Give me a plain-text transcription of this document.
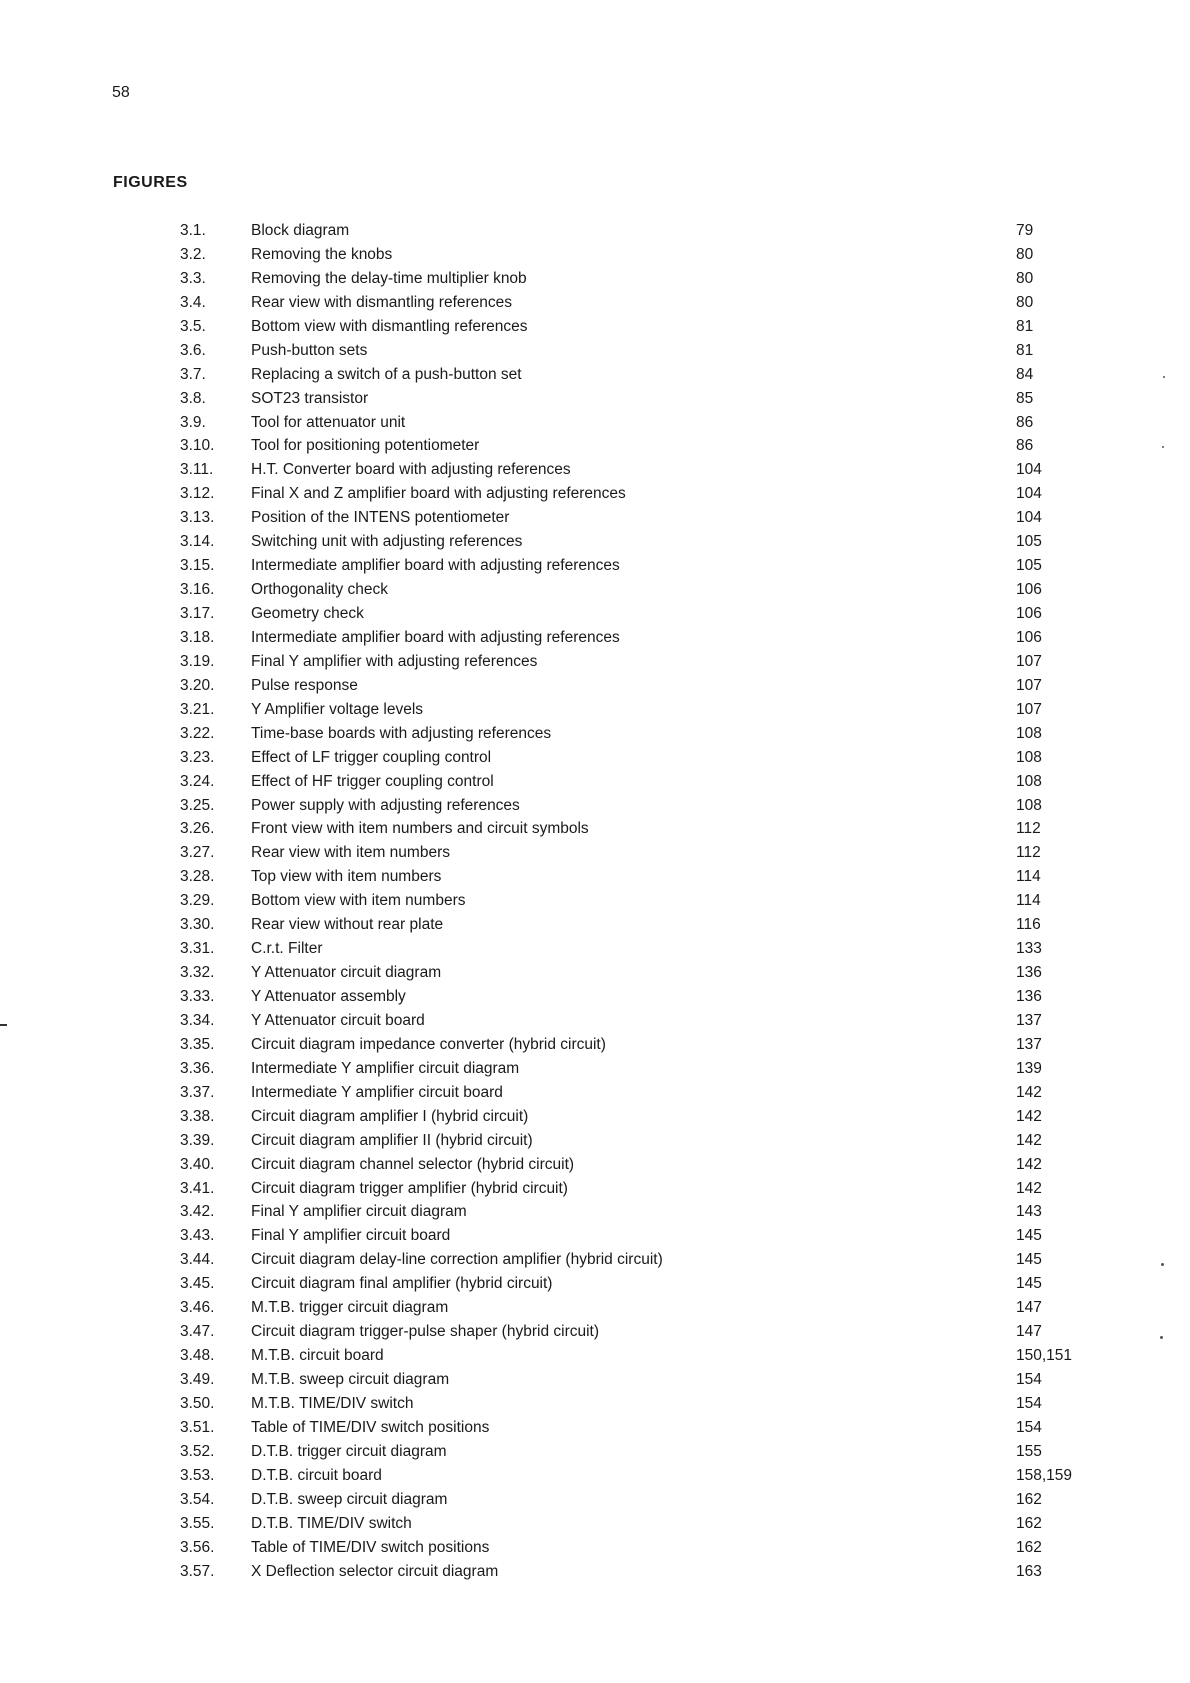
58
FIGURES
3.1.	Block diagram	79
3.2.	Removing the knobs	80
3.3.	Removing the delay-time multiplier knob	80
3.4.	Rear view with dismantling references	80
3.5.	Bottom view with dismantling references	81
3.6.	Push-button sets	81
3.7.	Replacing a switch of a push-button set	84
3.8.	SOT23 transistor	85
3.9.	Tool for attenuator unit	86
3.10. Tool for positioning potentiometer	86
3.11. H.T. Converter board with adjusting references	104
3.12. Final X and Z amplifier board with adjusting references	104
3.13. Position of the INTENS potentiometer	104
3.14. Switching unit with adjusting references	105
3.15. Intermediate amplifier board with adjusting references	105
3.16. Orthogonality check	106
3.17. Geometry check	106
3.18. Intermediate amplifier board with adjusting references	106
3.19. Final Y amplifier with adjusting references	107
3.20. Pulse response	107
3.21. Y Amplifier voltage levels	107
3.22. Time-base boards with adjusting references	108
3.23. Effect of LF trigger coupling control	108
3.24. Effect of HF trigger coupling control	108
3.25. Power supply with adjusting references	108
3.26. Front view with item numbers and circuit symbols	112
3.27. Rear view with item numbers	112
3.28. Top view with item numbers	114
3.29. Bottom view with item numbers	114
3.30. Rear view without rear plate	116
3.31. C.r.t. Filter	133
3.32. Y Attenuator circuit diagram	136
3.33. Y Attenuator assembly	136
3.34. Y Attenuator circuit board	137
3.35. Circuit diagram impedance converter (hybrid circuit)	137
3.36. Intermediate Y amplifier circuit diagram	139
3.37. Intermediate Y amplifier circuit board	142
3.38. Circuit diagram amplifier I (hybrid circuit)	142
3.39. Circuit diagram amplifier II (hybrid circuit)	142
3.40. Circuit diagram channel selector (hybrid circuit)	142
3.41. Circuit diagram trigger amplifier (hybrid circuit)	142
3.42. Final Y amplifier circuit diagram	143
3.43. Final Y amplifier circuit board	145
3.44. Circuit diagram delay-line correction amplifier (hybrid circuit)	145
3.45. Circuit diagram final amplifier (hybrid circuit)	145
3.46. M.T.B. trigger circuit diagram	147
3.47. Circuit diagram trigger-pulse shaper (hybrid circuit)	147
3.48. M.T.B. circuit board	150,151
3.49. M.T.B. sweep circuit diagram	154
3.50. M.T.B. TIME/DIV switch	154
3.51. Table of TIME/DIV switch positions	154
3.52. D.T.B. trigger circuit diagram	155
3.53. D.T.B. circuit board	158,159
3.54. D.T.B. sweep circuit diagram	162
3.55. D.T.B. TIME/DIV switch	162
3.56. Table of TIME/DIV switch positions	162
3.57. X Deflection selector circuit diagram	163
